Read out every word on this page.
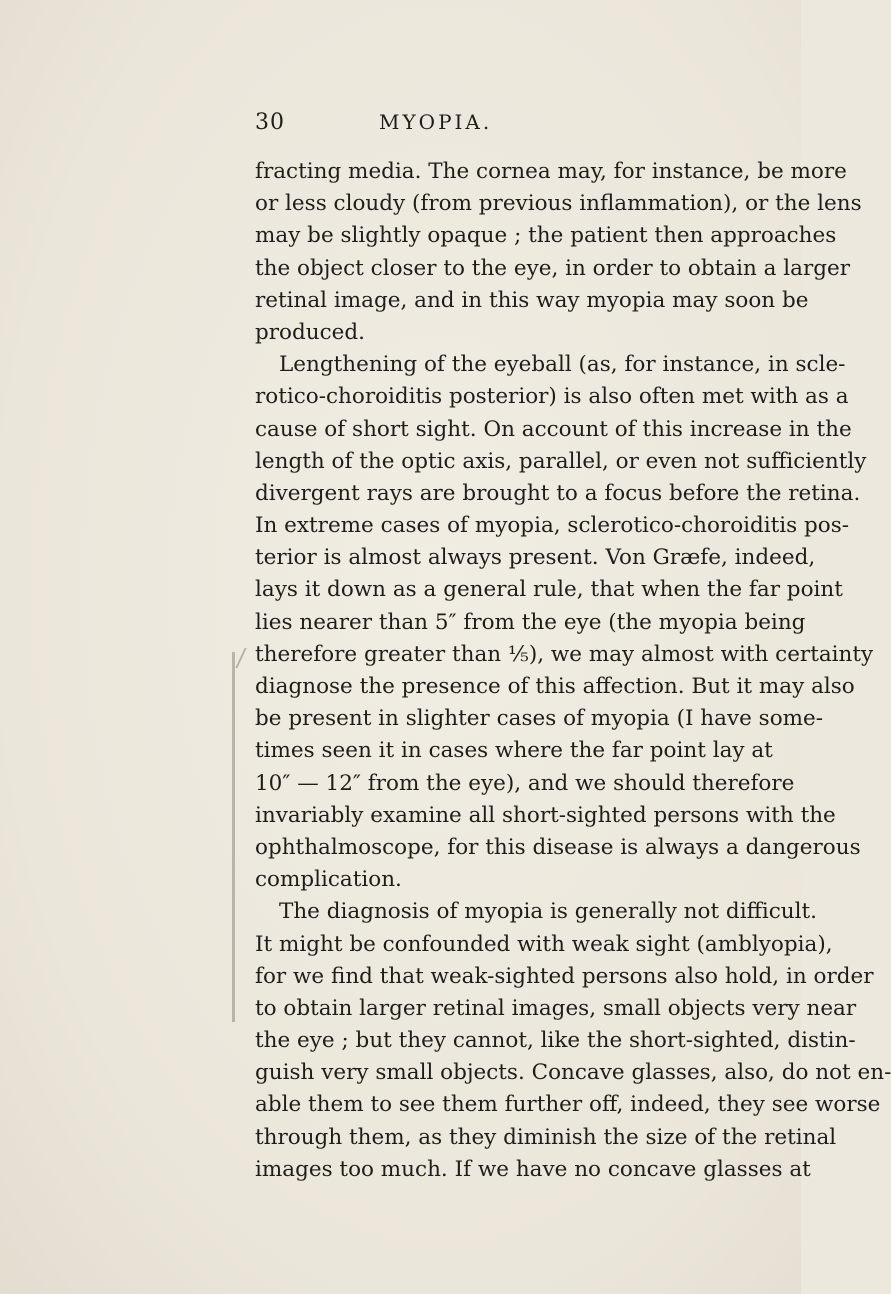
30	MYOPIA.
fracting media. The cornea may, for instance, be more
or less cloudy (from previous inflammation), or the lens
may be slightly opaque ; the patient then approaches
the object closer to the eye, in order to obtain a larger
retinal image, and in this way myopia may soon be
produced.
Lengthening of the eyeball (as, for instance, in scle-
rotico-choroiditis posterior) is also often met with as a
cause of short sight. On account of this increase in the
length of the optic axis, parallel, or even not sufficiently
divergent rays are brought to a focus before the retina.
In extreme cases of myopia, sclerotico-choroiditis pos-
terior is almost always present. Von Græfe, indeed,
lays it down as a general rule, that when the far point
lies nearer than 5″ from the eye (the myopia being
therefore greater than ⅕), we may almost with certainty
diagnose the presence of this affection. But it may also
be present in slighter cases of myopia (I have some-
times seen it in cases where the far point lay at
10″ — 12″ from the eye), and we should therefore
invariably examine all short-sighted persons with the
ophthalmoscope, for this disease is always a dangerous
complication.
The diagnosis of myopia is generally not difficult.
It might be confounded with weak sight (amblyopia),
for we find that weak-sighted persons also hold, in order
to obtain larger retinal images, small objects very near
the eye ; but they cannot, like the short-sighted, distin-
guish very small objects. Concave glasses, also, do not en-
able them to see them further off, indeed, they see worse
through them, as they diminish the size of the retinal
images too much. If we have no concave glasses at
